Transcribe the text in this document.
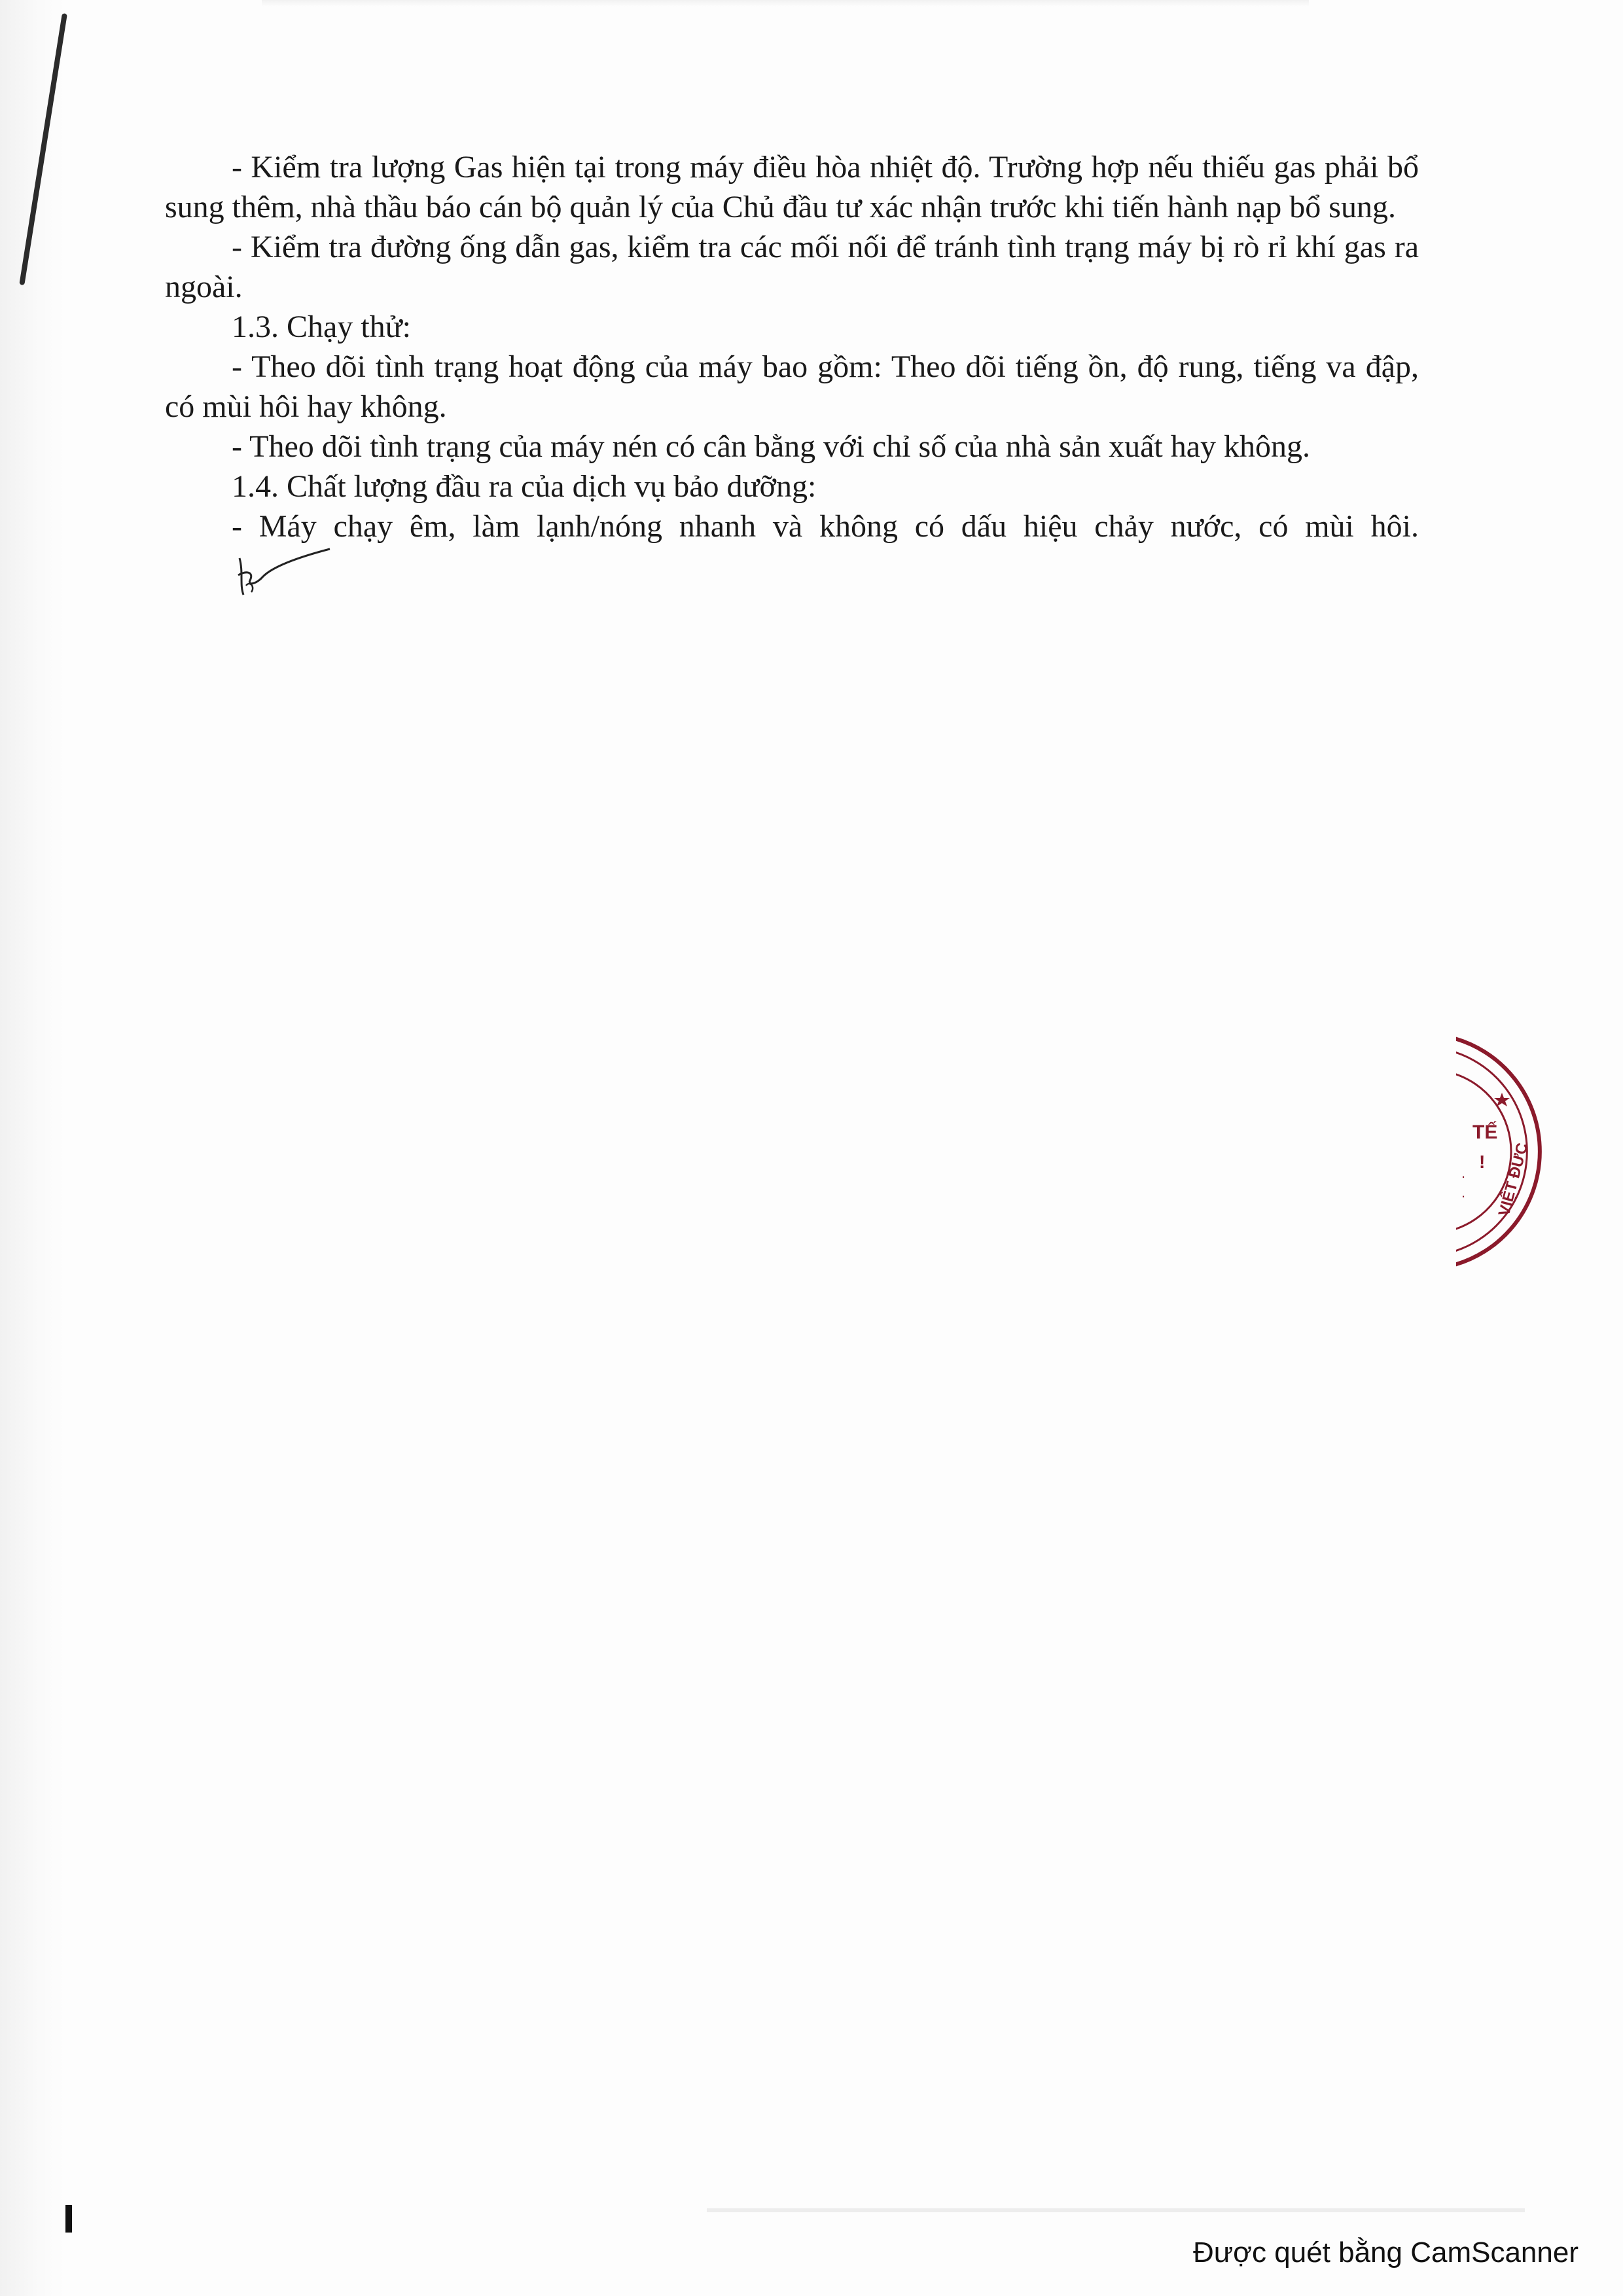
- Kiểm tra lượng Gas hiện tại trong máy điều hòa nhiệt độ. Trường hợp nếu thiếu gas phải bổ sung thêm, nhà thầu báo cán bộ quản lý của Chủ đầu tư xác nhận trước khi tiến hành nạp bổ sung.

- Kiểm tra đường ống dẫn gas, kiểm tra các mối nối để tránh tình trạng máy bị rò rỉ khí gas ra ngoài.

1.3. Chạy thử:

- Theo dõi tình trạng hoạt động của máy bao gồm: Theo dõi tiếng ồn, độ rung, tiếng va đập, có mùi hôi hay không.

- Theo dõi tình trạng của máy nén có cân bằng với chỉ số của nhà sản xuất hay không.

1.4. Chất lượng đầu ra của dịch vụ bảo dưỡng:

- Máy chạy êm, làm lạnh/nóng nhanh và không có dấu hiệu chảy nước, có mùi hôi.

TẾ
! VIỆT ĐỨC
.
.
Được quét bằng CamScanner
